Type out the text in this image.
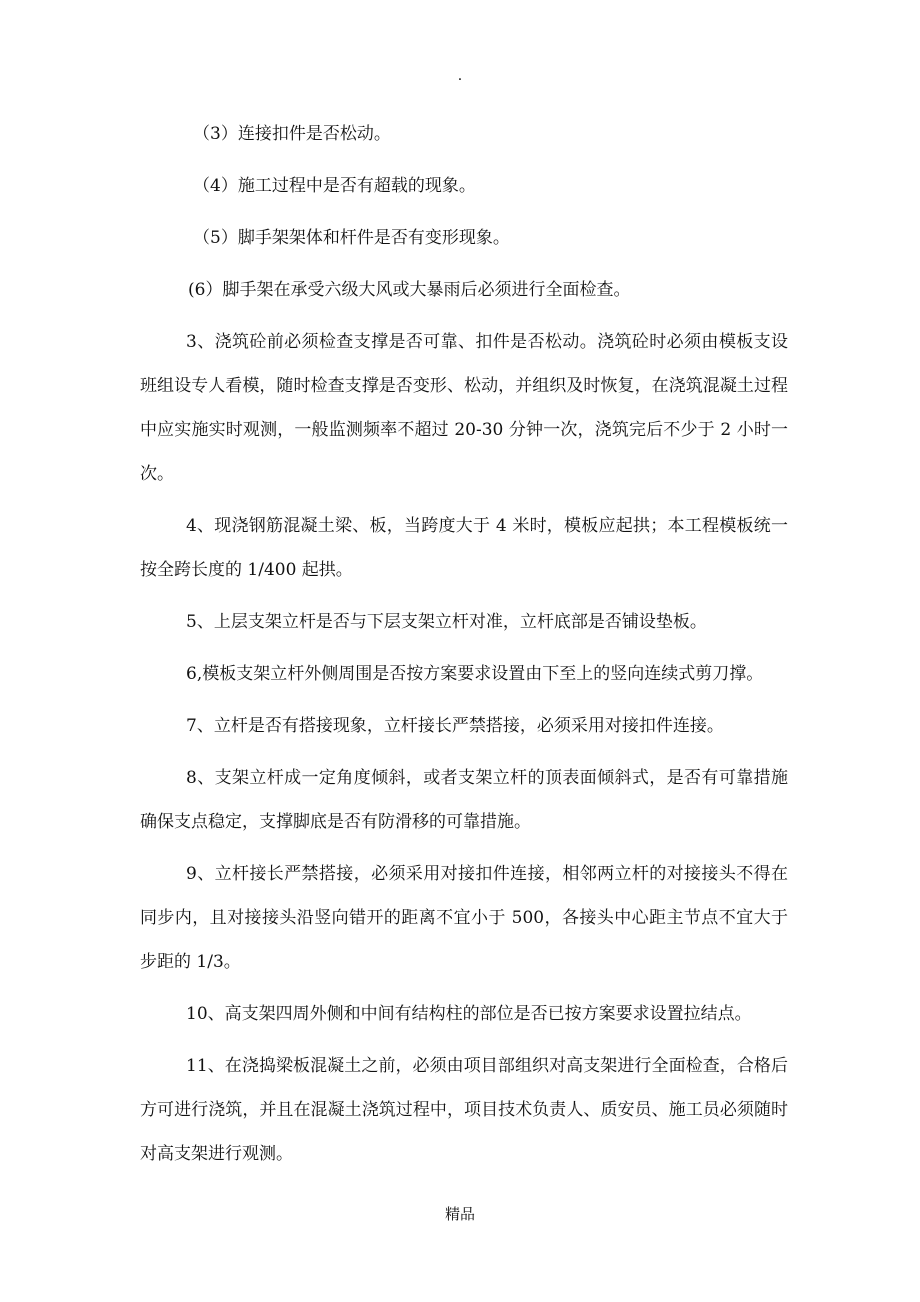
.

（3）连接扣件是否松动。

（4）施工过程中是否有超载的现象。

（5）脚手架架体和杆件是否有变形现象。

(6）脚手架在承受六级大风或大暴雨后必须进行全面检查。

3、浇筑砼前必须检查支撑是否可靠、扣件是否松动。浇筑砼时必须由模板支设班组设专人看模，随时检查支撑是否变形、松动，并组织及时恢复，在浇筑混凝土过程中应实施实时观测，一般监测频率不超过 20-30 分钟一次，浇筑完后不少于 2 小时一次。

4、现浇钢筋混凝土梁、板，当跨度大于 4 米时，模板应起拱；本工程模板统一按全跨长度的 1/400 起拱。

5、上层支架立杆是否与下层支架立杆对准，立杆底部是否铺设垫板。

6,模板支架立杆外侧周围是否按方案要求设置由下至上的竖向连续式剪刀撑。

7、立杆是否有搭接现象，立杆接长严禁搭接，必须采用对接扣件连接。

8、支架立杆成一定角度倾斜，或者支架立杆的顶表面倾斜式，是否有可靠措施确保支点稳定，支撑脚底是否有防滑移的可靠措施。

9、立杆接长严禁搭接，必须采用对接扣件连接，相邻两立杆的对接接头不得在同步内，且对接接头沿竖向错开的距离不宜小于 500，各接头中心距主节点不宜大于步距的 1/3。

10、高支架四周外侧和中间有结构柱的部位是否已按方案要求设置拉结点。

11、在浇捣梁板混凝土之前，必须由项目部组织对高支架进行全面检查，合格后方可进行浇筑，并且在混凝土浇筑过程中，项目技术负责人、质安员、施工员必须随时对高支架进行观测。

精品
